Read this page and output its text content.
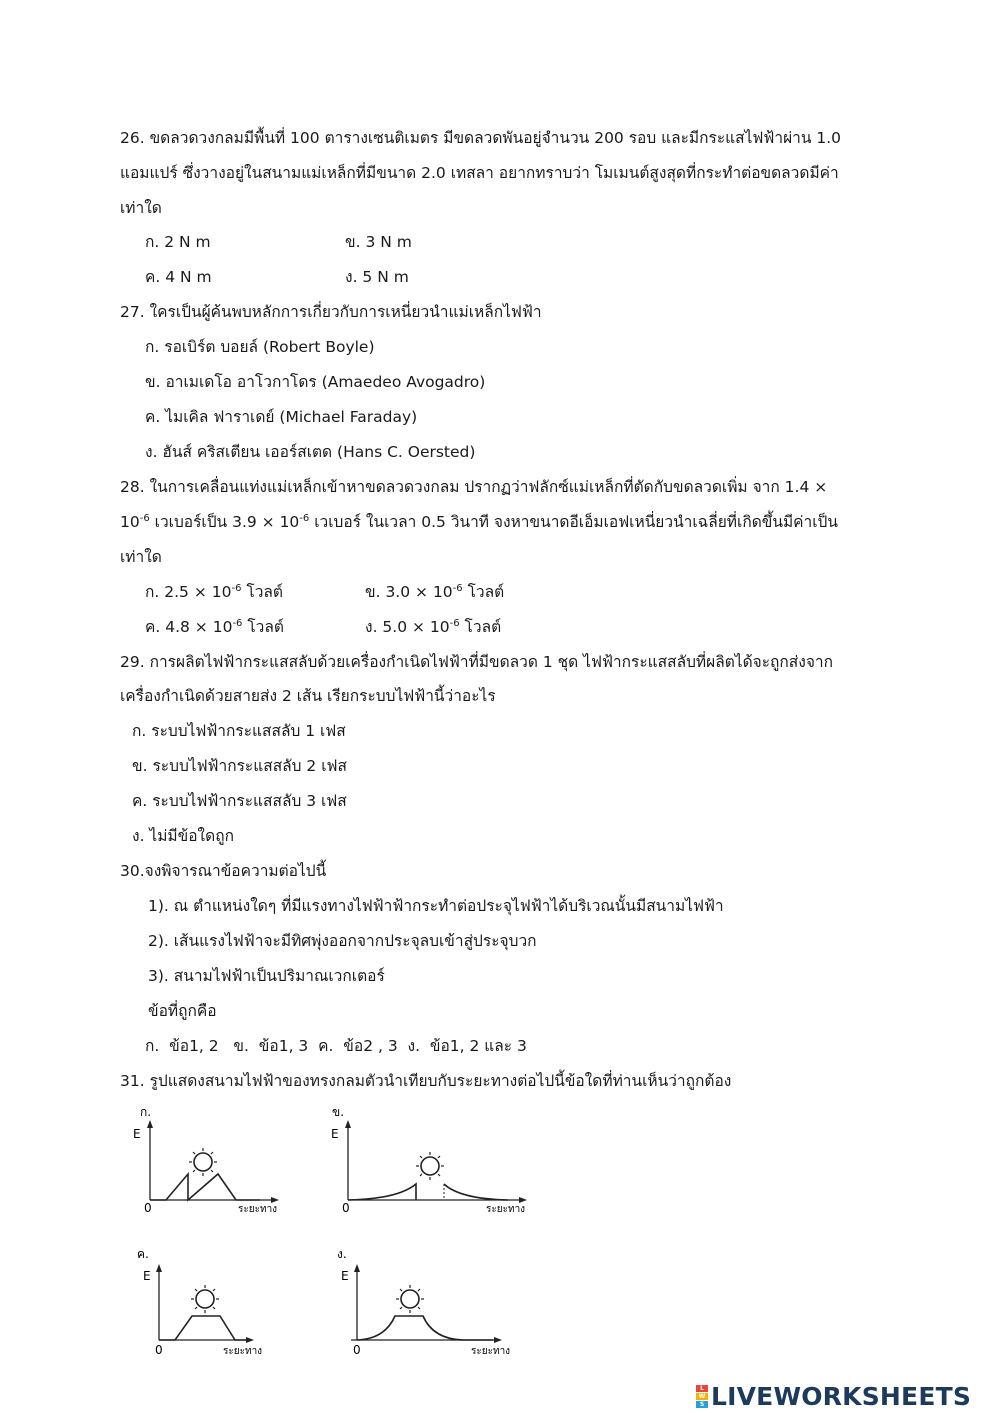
26. ขดลวดวงกลมมีพื้นที่ 100 ตารางเซนติเมตร มีขดลวดพันอยู่จำนวน 200 รอบ และมีกระแสไฟฟ้าผ่าน 1.0
แอมแปร์ ซึ่งวางอยู่ในสนามแม่เหล็กที่มีขนาด 2.0 เทสลา อยากทราบว่า โมเมนต์สูงสุดที่กระทำต่อขดลวดมีค่า
เท่าใด
ก. 2 N m	ข. 3 N m
ค. 4 N m	ง. 5 N m
27. ใครเป็นผู้ค้นพบหลักการเกี่ยวกับการเหนี่ยวนำแม่เหล็กไฟฟ้า
ก. รอเบิร์ต บอยล์ (Robert Boyle)
ข. อาเมเดโอ อาโวกาโดร (Amaedeo Avogadro)
ค. ไมเคิล ฟาราเดย์ (Michael Faraday)
ง. ฮันส์ คริสเตียน เออร์สเตด (Hans C. Oersted)
28. ในการเคลื่อนแท่งแม่เหล็กเข้าหาขดลวดวงกลม ปรากฏว่าฟลักซ์แม่เหล็กที่ตัดกับขดลวดเพิ่ม จาก 1.4 ×
$10^{-6}$ เวเบอร์เป็น $3.9 \times 10^{-6}$ เวเบอร์ ในเวลา 0.5 วินาที จงหาขนาดอีเอ็มเอฟเหนี่ยวนำเฉลี่ยที่เกิดขึ้นมีค่าเป็น
เท่าใด
ก. $2.5 \times 10^{-6}$ โวลต์	ข. $3.0 \times 10^{-6}$ โวลต์
ค. $4.8 \times 10^{-6}$ โวลต์	ง. $5.0 \times 10^{-6}$ โวลต์
29. การผลิตไฟฟ้ากระแสสลับด้วยเครื่องกำเนิดไฟฟ้าที่มีขดลวด 1 ชุด ไฟฟ้ากระแสสลับที่ผลิตได้จะถูกส่งจาก
เครื่องกำเนิดด้วยสายส่ง 2 เส้น เรียกระบบไฟฟ้านี้ว่าอะไร
ก. ระบบไฟฟ้ากระแสสลับ 1 เฟส
ข. ระบบไฟฟ้ากระแสสลับ 2 เฟส
ค. ระบบไฟฟ้ากระแสสลับ 3 เฟส
ง. ไม่มีข้อใดถูก
30.จงพิจารณาข้อความต่อไปนี้
1). ณ ตำแหน่งใดๆ ที่มีแรงทางไฟฟ้าฟ้ากระทำต่อประจุไฟฟ้าได้บริเวณนั้นมีสนามไฟฟ้า
2). เส้นแรงไฟฟ้าจะมีทิศพุ่งออกจากประจุลบเข้าสู่ประจุบวก
3). สนามไฟฟ้าเป็นปริมาณเวกเตอร์
ข้อที่ถูกคือ
ก.  ข้อ1, 2   ข.  ข้อ1, 3  ค.  ข้อ2 , 3  ง.  ข้อ1, 2 และ 3
31. รูปแสดงสนามไฟฟ้าของทรงกลมตัวนำเทียบกับระยะทางต่อไปนี้ข้อใดที่ท่านเห็นว่าถูกต้อง
ก.
E
0	ระยะทาง
ข.
E
0	ระยะทาง
ค.
E
0	ระยะทาง
ง.
E
0	ระยะทาง
L
W
S LIVEWORKSHEETS
